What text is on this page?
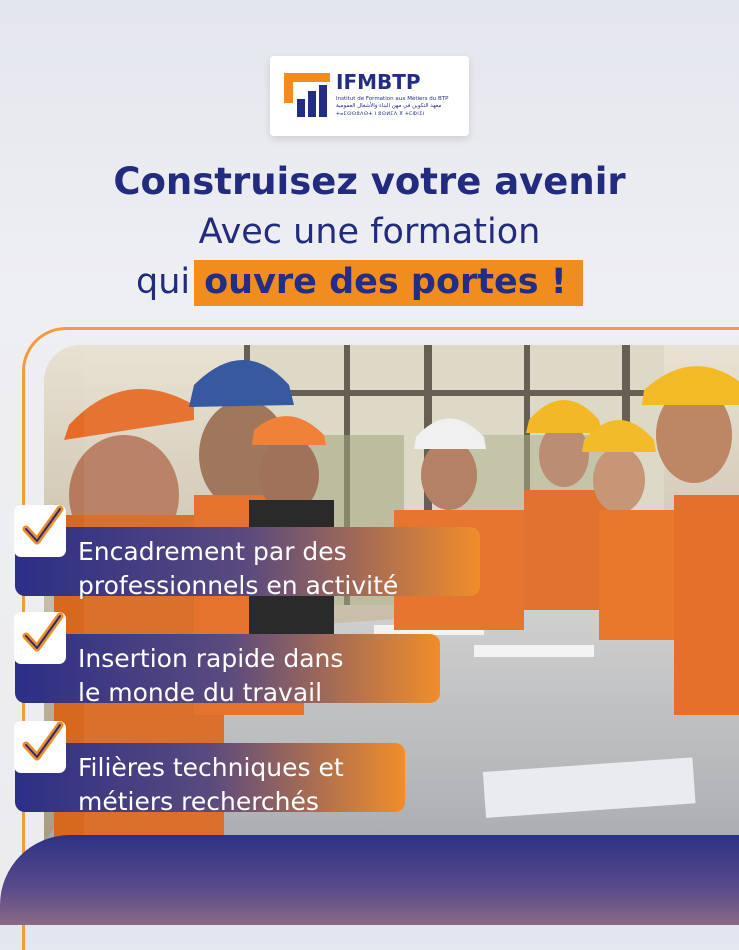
IFMBTP
Institut de Formation aux Métiers du BTP
معهد التكوين في مهن البناء والأشغال العمومية
ⵜⴰⵎⵙⵙⵓⴷⵙⵜ ⵏ ⵓⵙⵍⵎⴷ ⴳ ⵜⵎⵀⵏⵉⵏ
Construisez votre avenir
Avec une formation
qui ouvre des portes !
Encadrement par des
professionnels en activité
Insertion rapide dans
le monde du travail
Filières techniques et
métiers recherchés
